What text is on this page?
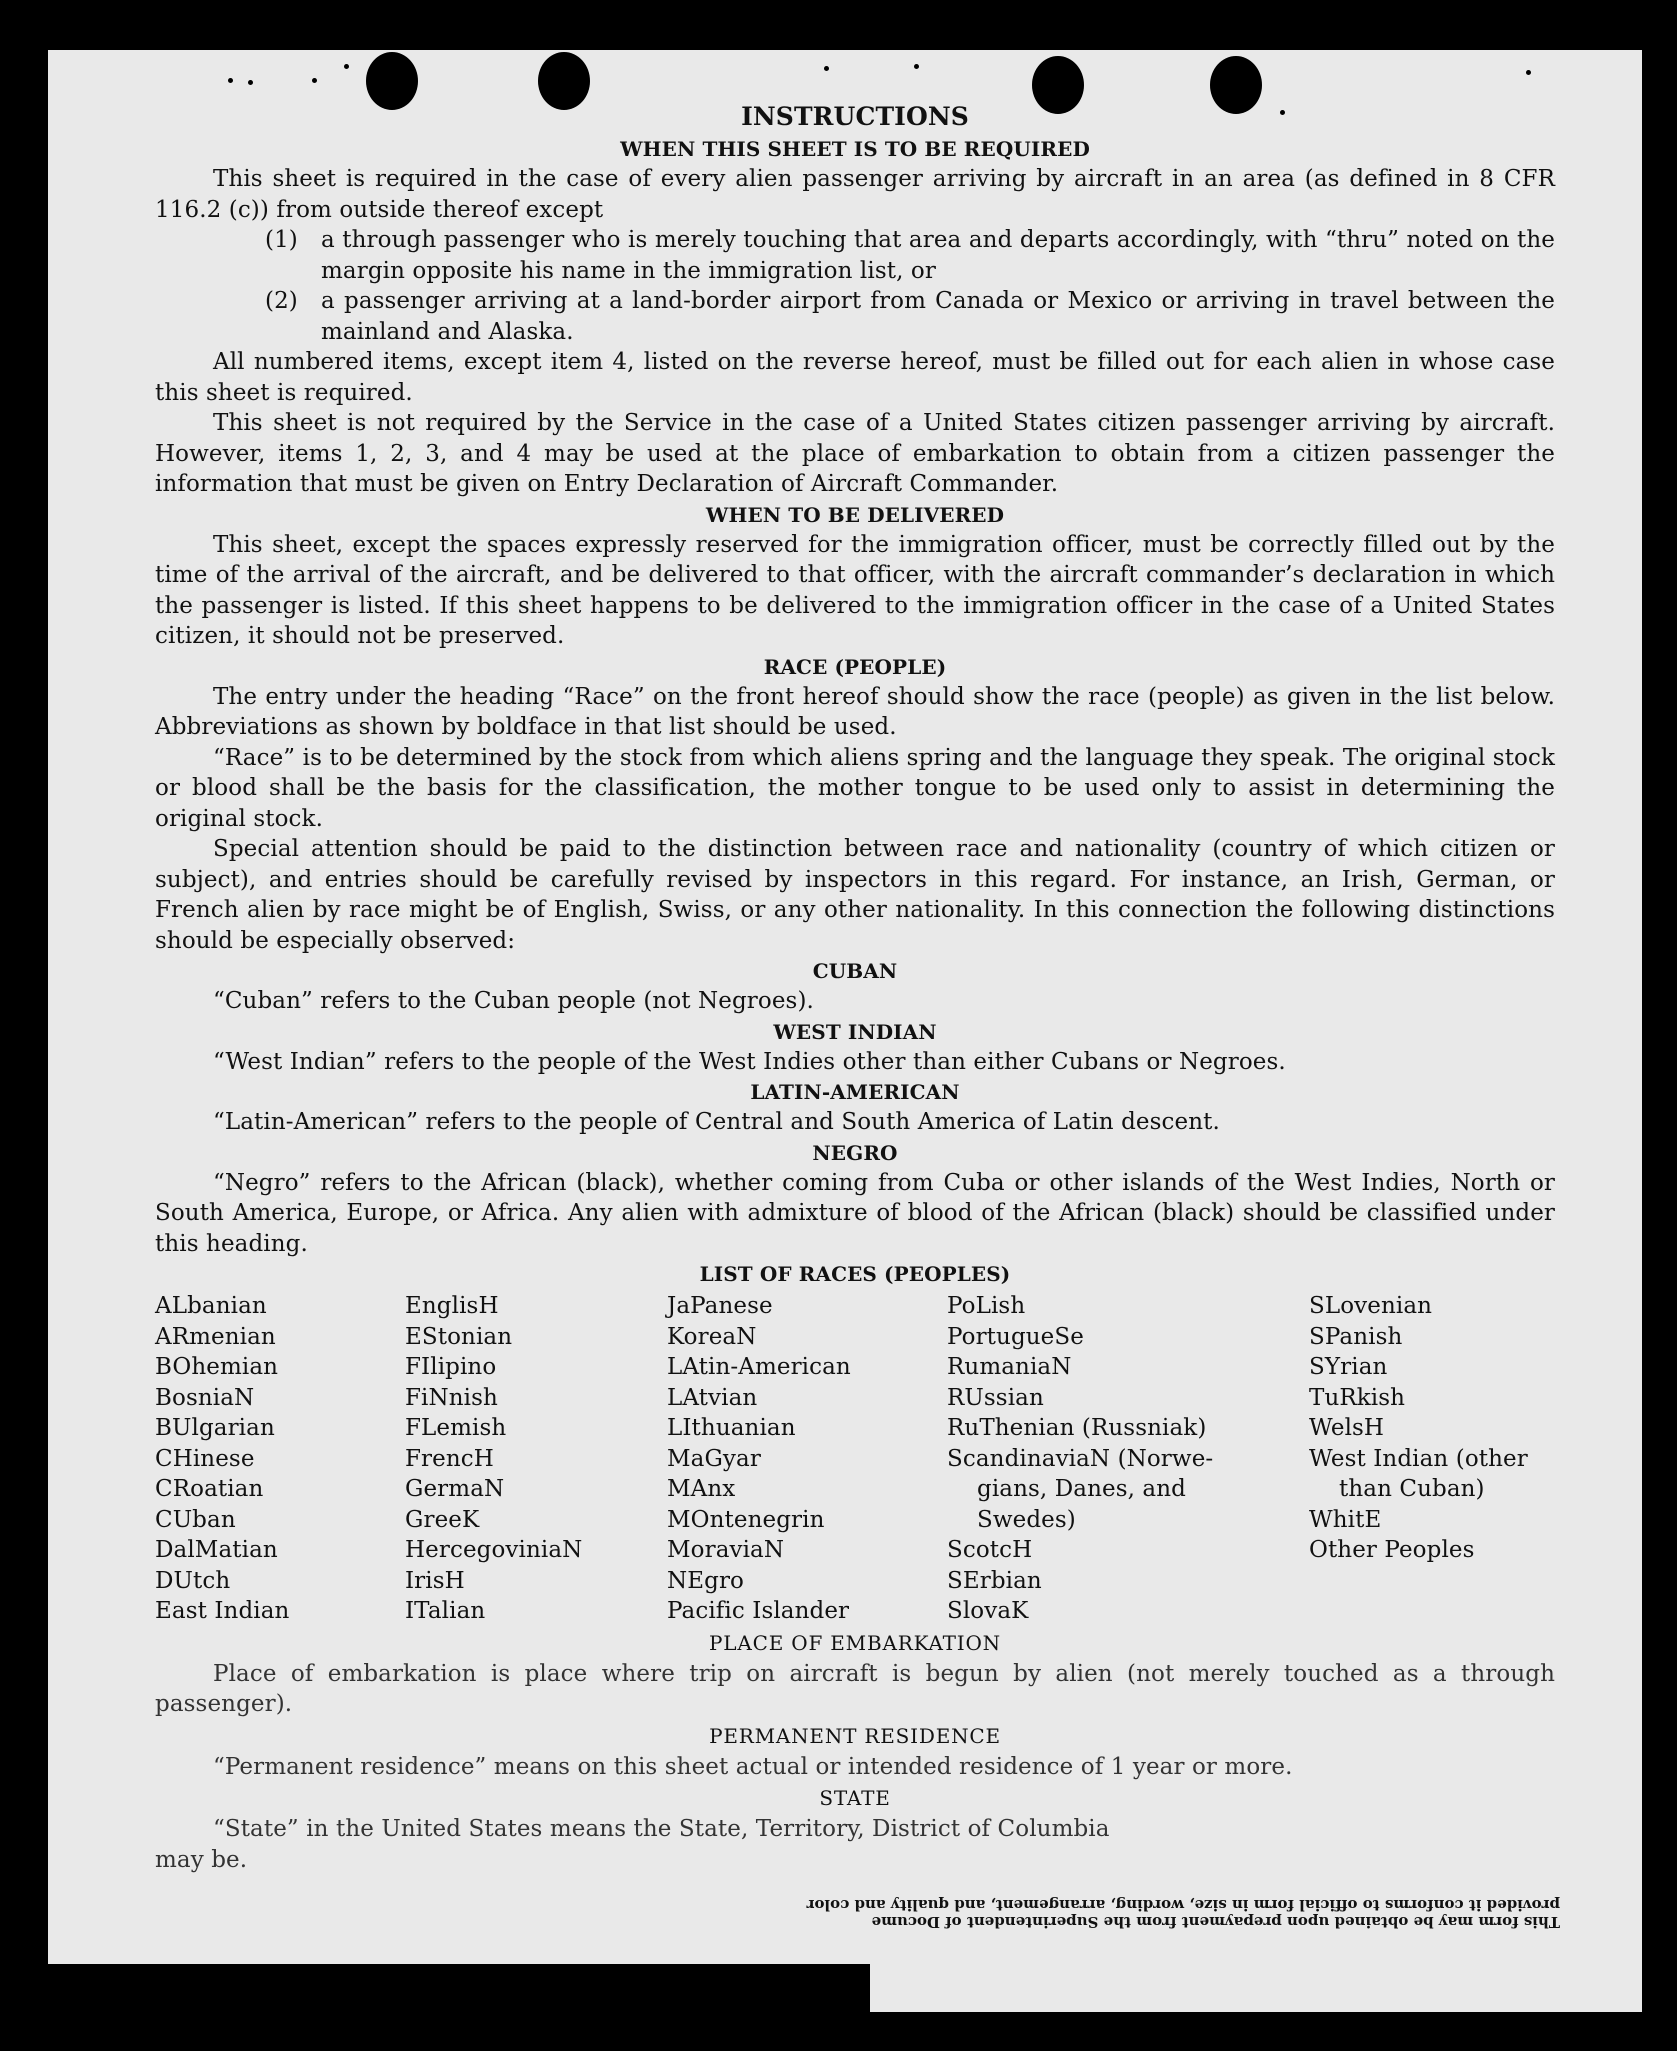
INSTRUCTIONS
WHEN THIS SHEET IS TO BE REQUIRED

This sheet is required in the case of every alien passenger arriving by aircraft in an area (as defined in 8 CFR 116.2 (c)) from outside thereof except

(1)	a through passenger who is merely touching that area and departs accordingly, with “thru” noted on the margin opposite his name in the immigration list, or
(2)	a passenger arriving at a land-border airport from Canada or Mexico or arriving in travel between the mainland and Alaska.

All numbered items, except item 4, listed on the reverse hereof, must be filled out for each alien in whose case this sheet is required.

This sheet is not required by the Service in the case of a United States citizen passenger arriving by aircraft. However, items 1, 2, 3, and 4 may be used at the place of embarkation to obtain from a citizen passenger the information that must be given on Entry Declaration of Aircraft Commander.

WHEN TO BE DELIVERED

This sheet, except the spaces expressly reserved for the immigration officer, must be correctly filled out by the time of the arrival of the aircraft, and be delivered to that officer, with the aircraft commander’s declaration in which the passenger is listed. If this sheet happens to be delivered to the immigration officer in the case of a United States citizen, it should not be preserved.

RACE (PEOPLE)

The entry under the heading “Race” on the front hereof should show the race (people) as given in the list below. Abbreviations as shown by boldface in that list should be used.

“Race” is to be determined by the stock from which aliens spring and the language they speak. The original stock or blood shall be the basis for the classification, the mother tongue to be used only to assist in determining the original stock.

Special attention should be paid to the distinction between race and nationality (country of which citizen or subject), and entries should be carefully revised by inspectors in this regard. For instance, an Irish, German, or French alien by race might be of English, Swiss, or any other nationality. In this connection the following distinctions should be especially observed:

CUBAN

“Cuban” refers to the Cuban people (not Negroes).

WEST INDIAN

“West Indian” refers to the people of the West Indies other than either Cubans or Negroes.

LATIN-AMERICAN

“Latin-American” refers to the people of Central and South America of Latin descent.

NEGRO

“Negro” refers to the African (black), whether coming from Cuba or other islands of the West Indies, North or South America, Europe, or Africa. Any alien with admixture of blood of the African (black) should be classified under this heading.

LIST OF RACES (PEOPLES)
ALbanian
ARmenian
BOhemian
BosniaN
BUlgarian
CHinese
CRoatian
CUban
DalMatian
DUtch
East Indian
EnglisH
EStonian
FIlipino
FiNnish
FLemish
FrencH
GermaN
GreeK
HercegoviniaN
IrisH
ITalian
JaPanese
KoreaN
LAtin-American
LAtvian
LIthuanian
MaGyar
MAnx
MOntenegrin
MoraviaN
NEgro
Pacific Islander
PoLish
PortugueSe
RumaniaN
RUssian
RuThenian (Russniak)
ScandinaviaN (Norwe-
gians, Danes, and
Swedes)
ScotcH
SErbian
SlovaK
SLovenian
SPanish
SYrian
TuRkish
WelsH
West Indian (other
than Cuban)
WhitE
Other Peoples
PLACE OF EMBARKATION

Place of embarkation is place where trip on aircraft is begun by alien (not merely touched as a through passenger).

PERMANENT RESIDENCE

“Permanent residence” means on this sheet actual or intended residence of 1 year or more.

STATE

“State” in the United States means the State, Territory, District of Columbia

may be.

This form may be obtained upon prepayment from the Superintendent of Docume
provided it conforms to official form in size, wording, arrangement, and quality and color
